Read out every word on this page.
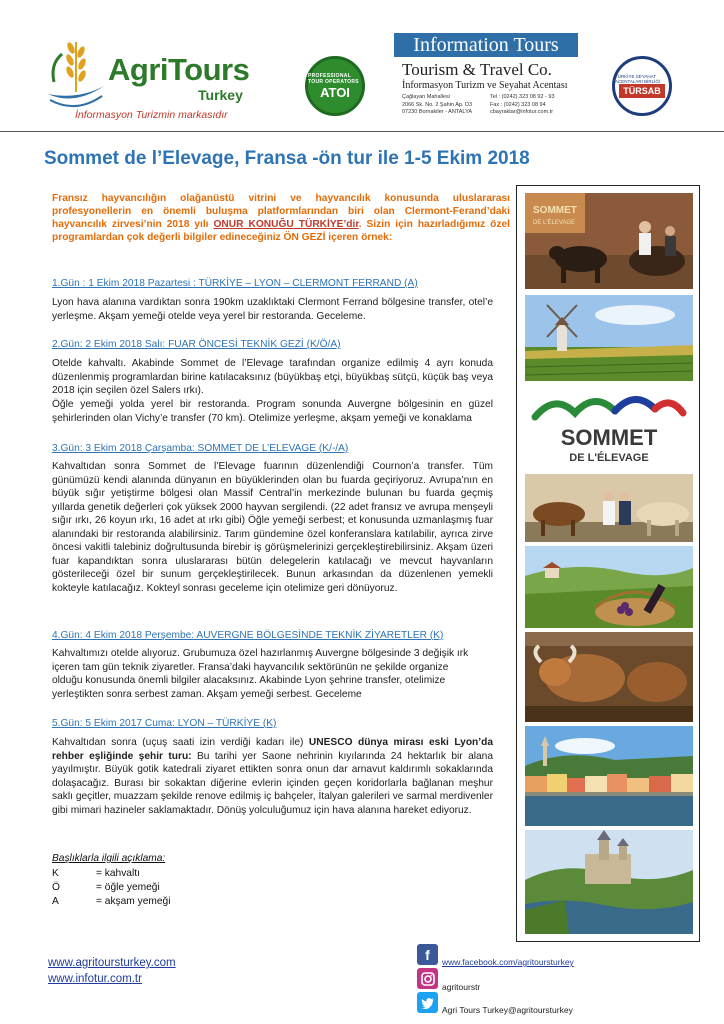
AgriTours
Turkey
İnformasyon Turizmin markasıdır
PROFESSIONAL TOUR OPERATORS
ATOI
Information Tours
Tourism & Travel Co.
İnformasyon Turizm ve Seyahat Acentası
Çağlayan Mahallesi
2066 Sk. No. 2 Şahin Ap. D3
07230 Bornakiler - ANTALYA
Tel : (0242) 323 08 92 - 93
Fax : (0242) 323 08 94
cbayraktar@infotur.com.tr
TÜRKİYE SEYAHAT ACENTALARI BİRLİĞİ
TÜRSAB
Sommet de l’Elevage, Fransa -ön tur ile 1-5 Ekim 2018
Fransız hayvancılığın olağanüstü vitrini ve hayvancılık konusunda uluslararası profesyonellerin en önemli buluşma platformlarından biri olan Clermont-Ferand’daki hayvancılık zirvesi’nin 2018 yılı ONUR KONUĞU TÜRKİYE’dir. Sizin için hazırladığımız özel programlardan çok değerli bilgiler edineceğiniz ÖN GEZİ içeren örnek:
1.Gün : 1 Ekim 2018 Pazartesi : TÜRKİYE – LYON – CLERMONT FERRAND (A)
Lyon hava alanına vardıktan sonra 190km uzaklıktaki Clermont Ferrand bölgesine transfer, otel’e yerleşme. Akşam yemeği otelde veya yerel bir restoranda. Geceleme.
2.Gün: 2 Ekim 2018 Salı: FUAR ÖNCESİ TEKNİK GEZİ (K/Ö/A)
Otelde kahvaltı. Akabinde Sommet de l’Elevage tarafından organize edilmiş 4 ayrı konuda düzenlenmiş programlardan birine katılacaksınız (büyükbaş etçi, büyükbaş sütçü, küçük baş veya 2018 için seçilen özel Salers ırkı).
Öğle yemeği yolda yerel bir restoranda. Program sonunda Auvergne bölgesinin en güzel şehirlerinden olan Vichy’e transfer (70 km). Otelimize yerleşme, akşam yemeği ve konaklama
3.Gün: 3 Ekim 2018 Çarşamba: SOMMET DE L’ELEVAGE (K/-/A)
Kahvaltıdan sonra Sommet de l’Elevage fuarının düzenlendiği Cournon’a transfer. Tüm günümüzü kendi alanında dünyanın en büyüklerinden olan bu fuarda geçiriyoruz. Avrupa’nın en büyük sığır yetiştirme bölgesi olan Massif Central’in merkezinde bulunan bu fuarda geçmiş yıllarda genetik değerleri çok yüksek 2000 hayvan sergilendi. (22 adet fransız ve avrupa menşeyli sığır ırkı, 26 koyun ırkı, 16 adet at ırkı gibi) Öğle yemeği serbest; et konusunda uzmanlaşmış fuar alanındaki bir restoranda alabilirsiniz. Tarım gündemine özel konferanslara katılabilir, ayrıca zirve öncesi vakitli talebiniz doğrultusunda birebir iş görüşmelerinizi gerçekleştirebilirsiniz. Akşam üzeri fuar kapandıktan sonra uluslararası bütün delegelerin katılacağı ve mevcut hayvanların gösterileceği özel bir sunum gerçekleştirilecek. Bunun arkasından da düzenlenen yemekli kokteyle katılacağız. Kokteyl sonrası geceleme için otelimize geri dönüyoruz.
4.Gün: 4 Ekim 2018 Perşembe: AUVERGNE BÖLGESİNDE TEKNİK ZİYARETLER (K)
Kahvaltımızı otelde alıyoruz. Grubumuza özel hazırlanmış Auvergne bölgesinde 3 değişik ırk
içeren tam gün teknik ziyaretler. Fransa’daki hayvancılık sektörünün ne şekilde organize
olduğu konusunda önemli bilgiler alacaksınız. Akabinde Lyon şehrine transfer, otelimize
yerleştikten sonra serbest zaman. Akşam yemeği serbest. Geceleme
5.Gün: 5 Ekim 2017 Cuma: LYON – TÜRKİYE (K)
Kahvaltıdan sonra (uçuş saati izin verdiği kadarı ile) UNESCO dünya mirası eski Lyon’da rehber eşliğinde şehir turu: Bu tarihi yer Saone nehrinin kıyılarında 24 hektarlık bir alana yayılmıştır. Büyük gotik katedrali ziyaret ettikten sonra onun dar arnavut kaldırımlı sokaklarında dolaşacağız. Burası bir sokaktan diğerine evlerin içinden geçen koridorlarla bağlanan meşhur saklı geçitler, muazzam şekilde renove edilmiş iç bahçeler, İtalyan galerileri ve sarmal merdivenler gibi mimari hazineler saklamaktadır. Dönüş yolculuğumuz için hava alanına hareket ediyoruz.
Başlıklarla ilgili açıklama:
K	= kahvaltı
Ö	= öğle yemeği
A	= akşam yemeği
SOMMET
DE L'ÉLEVAGE
SOMMET
DE L'ÉLEVAGE
www.agritoursturkey.com
www.infotur.com.tr
f	www.facebook.com/agritoursturkey
agritourstr
Agri Tours Turkey@agritoursturkey
